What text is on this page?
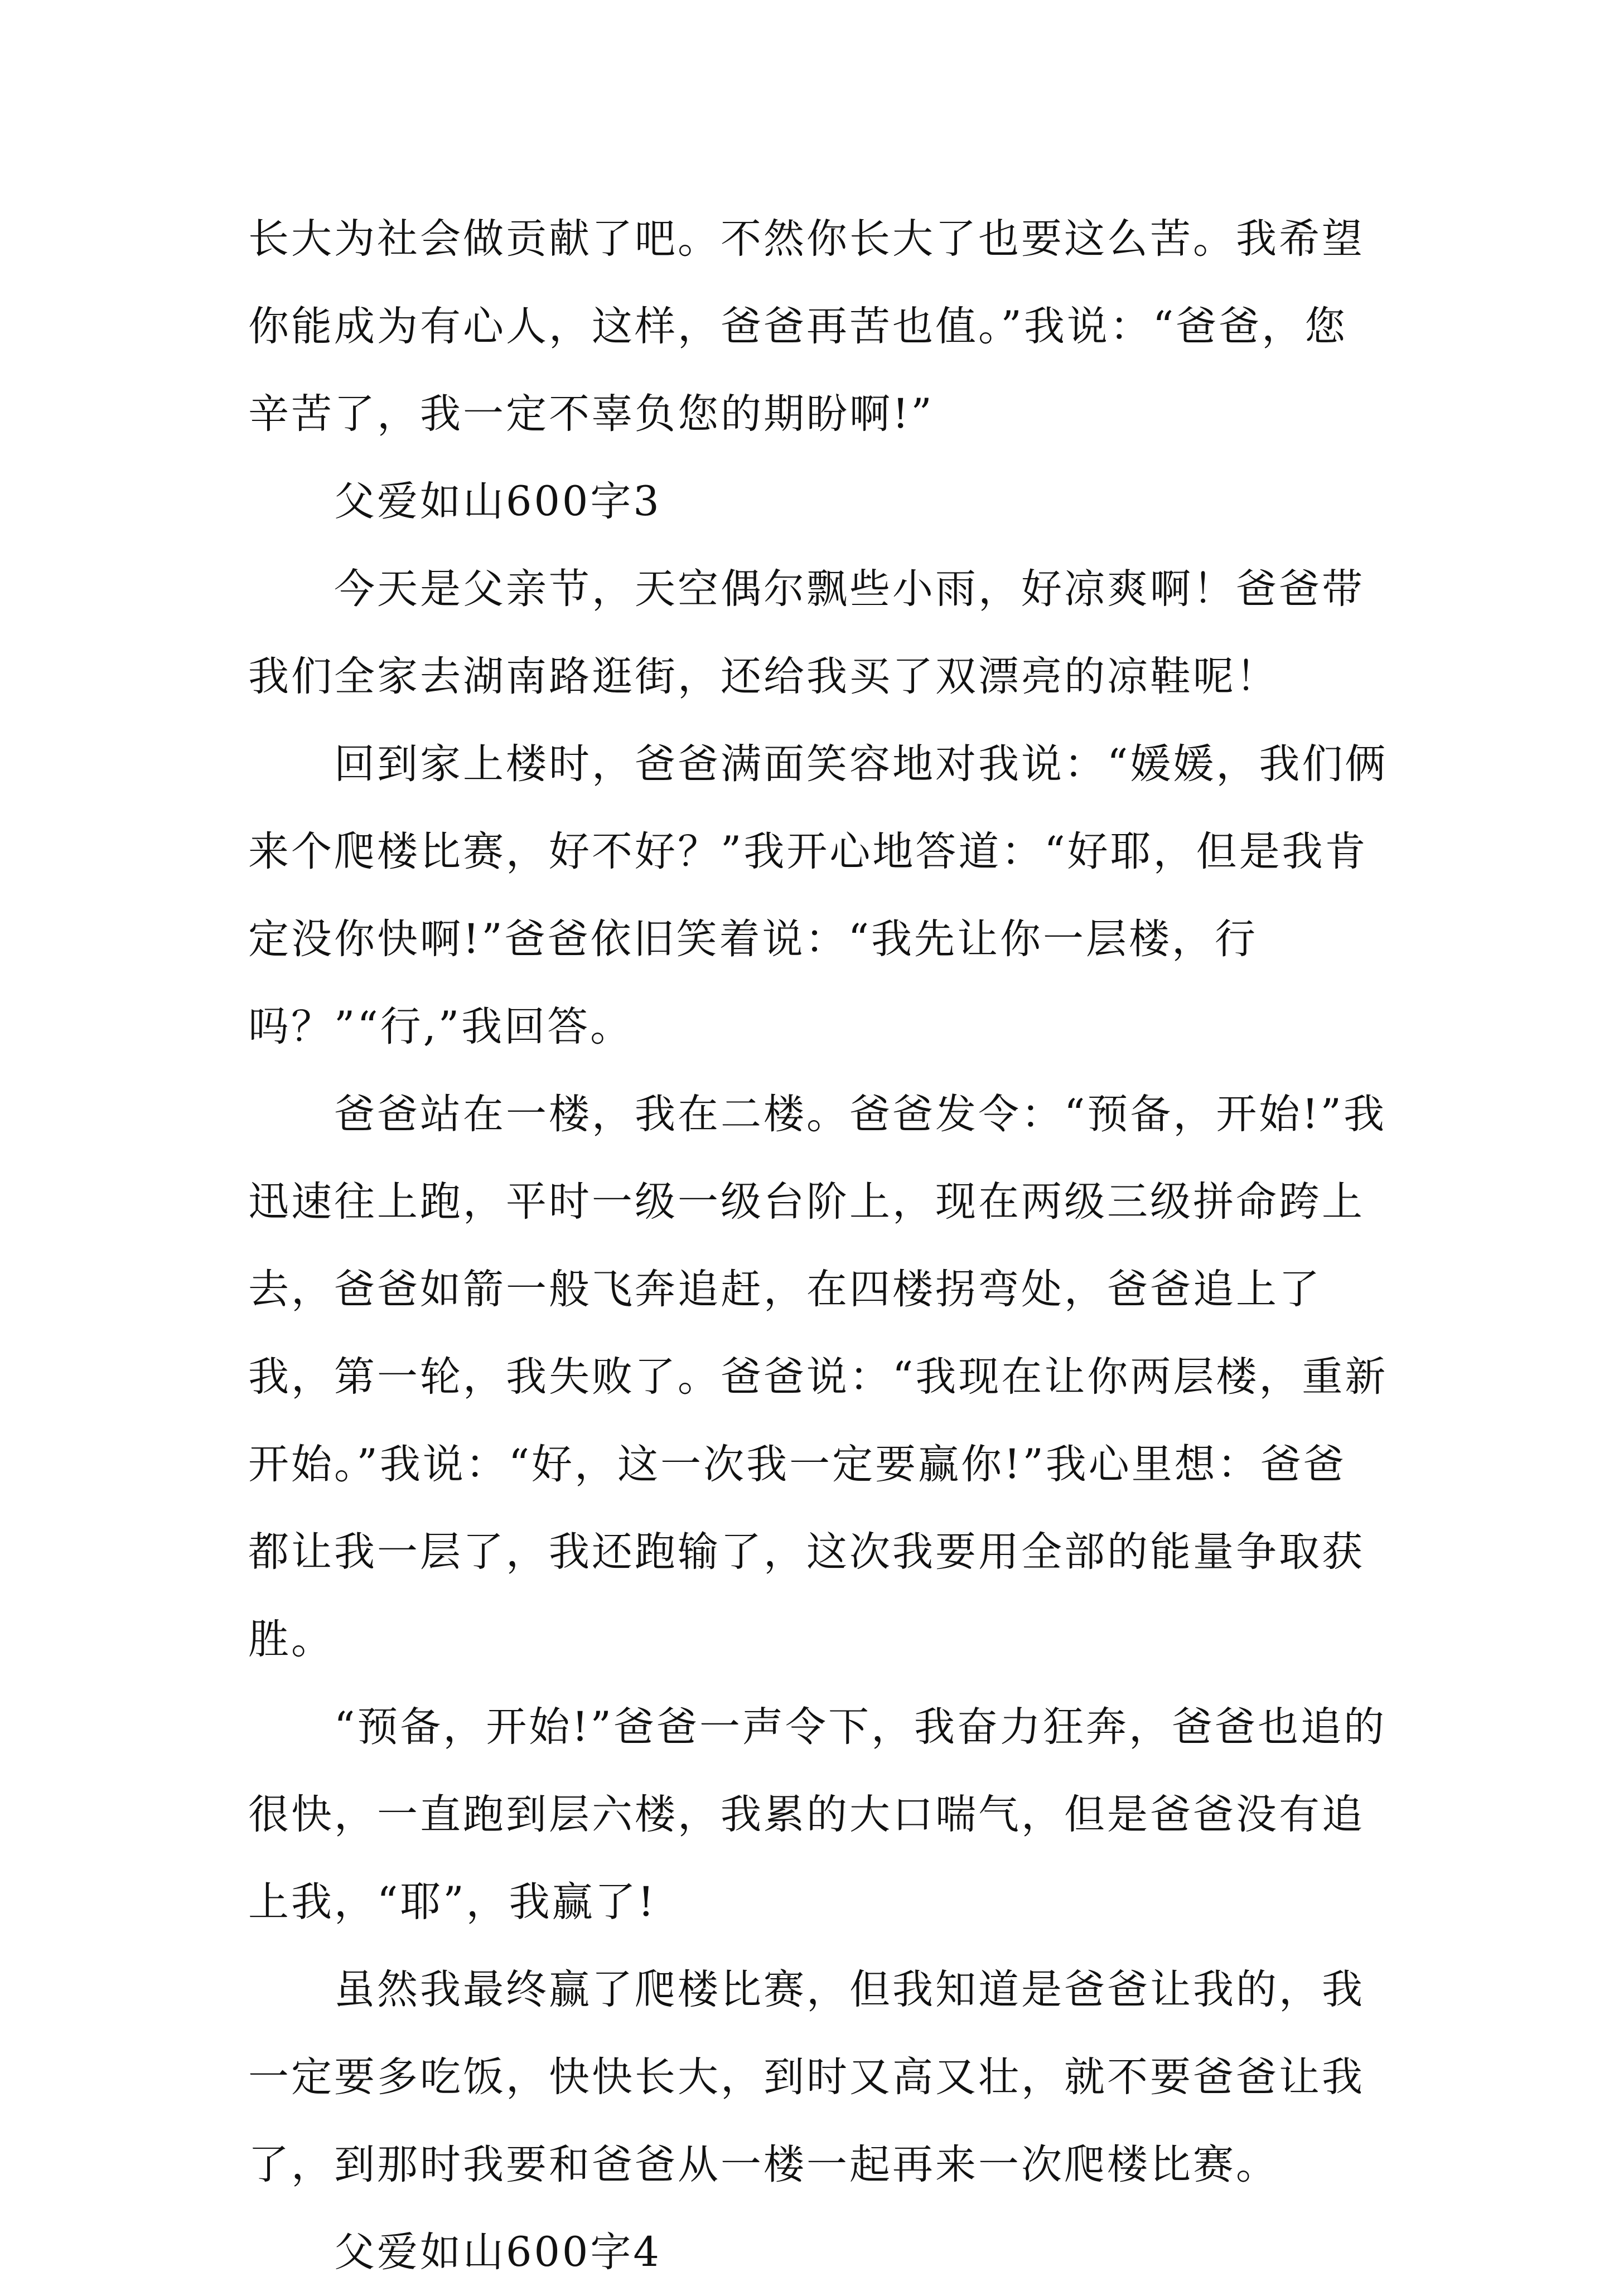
长大为社会做贡献了吧。不然你长大了也要这么苦。我希望你能成为有心人，这样，爸爸再苦也值。”我说：“爸爸，您辛苦了，我一定不辜负您的期盼啊!”

父爱如山600字3

今天是父亲节，天空偶尔飘些小雨，好凉爽啊！爸爸带我们全家去湖南路逛街，还给我买了双漂亮的凉鞋呢！

回到家上楼时，爸爸满面笑容地对我说：“媛媛，我们俩来个爬楼比赛，好不好？”我开心地答道：“好耶，但是我肯定没你快啊!”爸爸依旧笑着说：“我先让你一层楼，行吗？”“行,”我回答。

爸爸站在一楼，我在二楼。爸爸发令：“预备，开始!”我迅速往上跑，平时一级一级台阶上，现在两级三级拼命跨上去，爸爸如箭一般飞奔追赶，在四楼拐弯处，爸爸追上了我，第一轮，我失败了。爸爸说：“我现在让你两层楼，重新开始。”我说：“好，这一次我一定要赢你!”我心里想：爸爸都让我一层了，我还跑输了，这次我要用全部的能量争取获胜。

“预备，开始!”爸爸一声令下，我奋力狂奔，爸爸也追的很快，一直跑到层六楼，我累的大口喘气，但是爸爸没有追上我，“耶”，我赢了!

虽然我最终赢了爬楼比赛，但我知道是爸爸让我的，我一定要多吃饭，快快长大，到时又高又壮，就不要爸爸让我了，到那时我要和爸爸从一楼一起再来一次爬楼比赛。

父爱如山600字4
